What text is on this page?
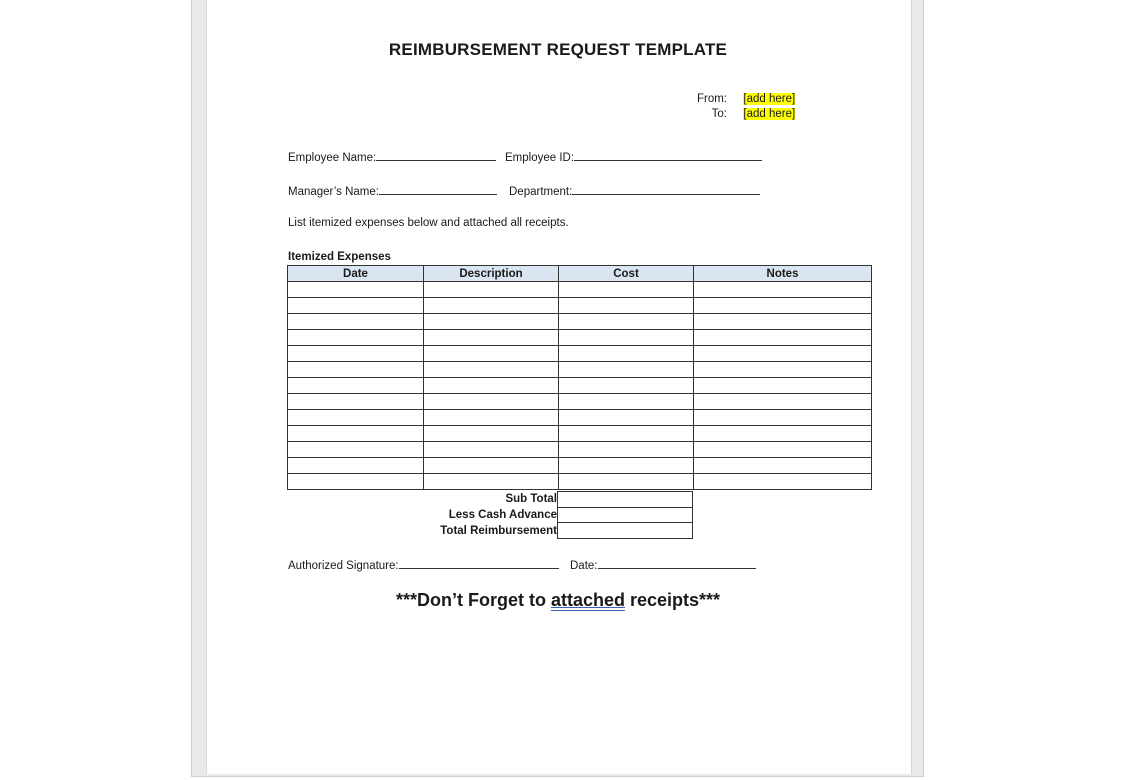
REIMBURSEMENT REQUEST TEMPLATE
From: [add here]
To: [add here]
Employee Name:	Employee ID:
Manager’s Name:	Department:
List itemized expenses below and attached all receipts.
Itemized Expenses
Date	Description	Cost	Notes

Sub Total
Less Cash Advance
Total Reimbursement
Authorized Signature:	Date:
***Don’t Forget to attached receipts***
